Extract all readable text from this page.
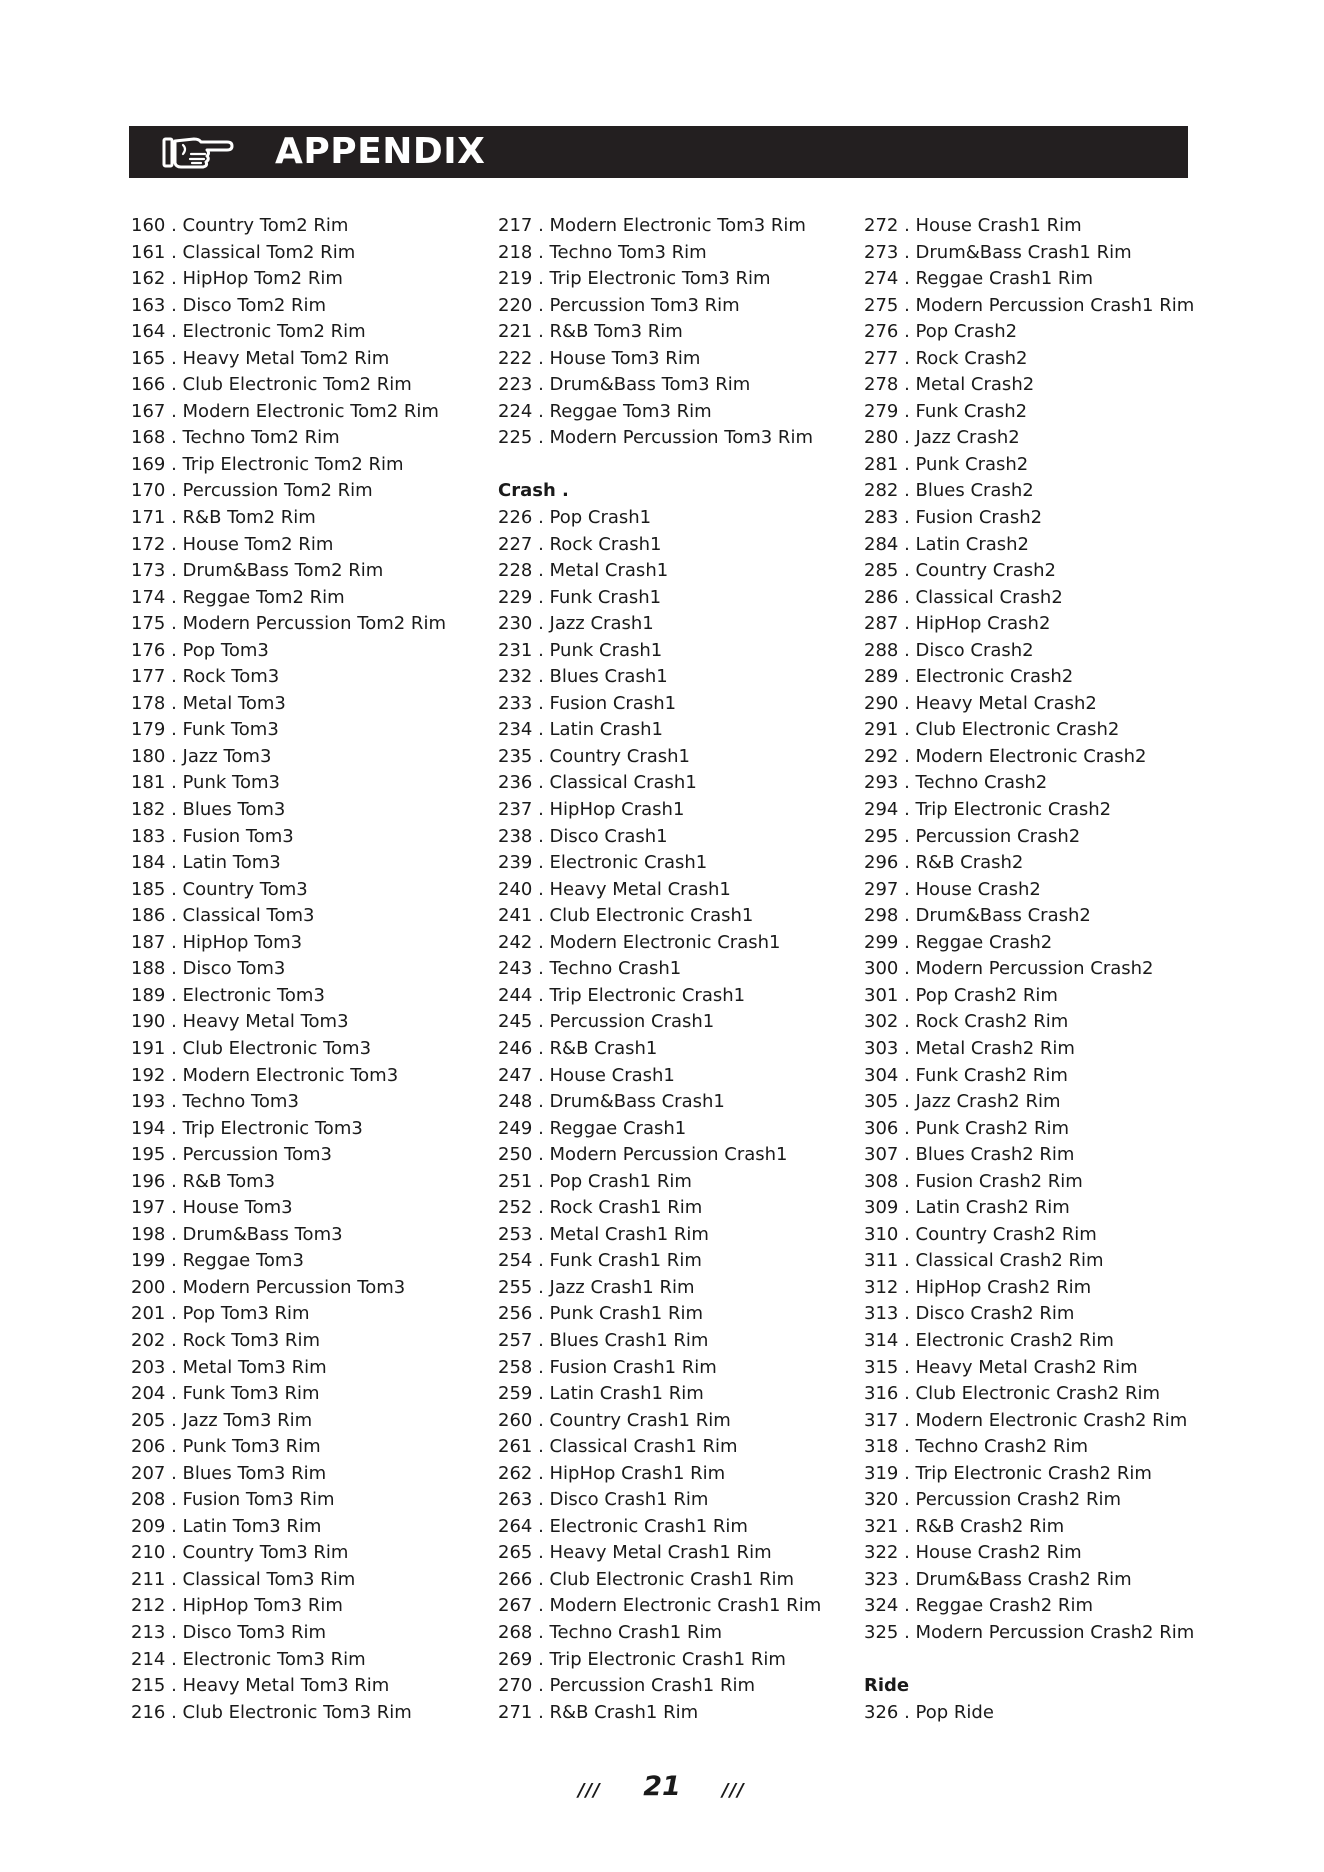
APPENDIX
160 . Country Tom2 Rim
161 . Classical Tom2 Rim
162 . HipHop Tom2 Rim
163 . Disco Tom2 Rim
164 . Electronic Tom2 Rim
165 . Heavy Metal Tom2 Rim
166 . Club Electronic Tom2 Rim
167 . Modern Electronic Tom2 Rim
168 . Techno Tom2 Rim
169 . Trip Electronic Tom2 Rim
170 . Percussion Tom2 Rim
171 . R&B Tom2 Rim
172 . House Tom2 Rim
173 . Drum&Bass Tom2 Rim
174 . Reggae Tom2 Rim
175 . Modern Percussion Tom2 Rim
176 . Pop Tom3
177 . Rock Tom3
178 . Metal Tom3
179 . Funk Tom3
180 . Jazz Tom3
181 . Punk Tom3
182 . Blues Tom3
183 . Fusion Tom3
184 . Latin Tom3
185 . Country Tom3
186 . Classical Tom3
187 . HipHop Tom3
188 . Disco Tom3
189 . Electronic Tom3
190 . Heavy Metal Tom3
191 . Club Electronic Tom3
192 . Modern Electronic Tom3
193 . Techno Tom3
194 . Trip Electronic Tom3
195 . Percussion Tom3
196 . R&B Tom3
197 . House Tom3
198 . Drum&Bass Tom3
199 . Reggae Tom3
200 . Modern Percussion Tom3
201 . Pop Tom3 Rim
202 . Rock Tom3 Rim
203 . Metal Tom3 Rim
204 . Funk Tom3 Rim
205 . Jazz Tom3 Rim
206 . Punk Tom3 Rim
207 . Blues Tom3 Rim
208 . Fusion Tom3 Rim
209 . Latin Tom3 Rim
210 . Country Tom3 Rim
211 . Classical Tom3 Rim
212 . HipHop Tom3 Rim
213 . Disco Tom3 Rim
214 . Electronic Tom3 Rim
215 . Heavy Metal Tom3 Rim
216 . Club Electronic Tom3 Rim
217 . Modern Electronic Tom3 Rim
218 . Techno Tom3 Rim
219 . Trip Electronic Tom3 Rim
220 . Percussion Tom3 Rim
221 . R&B Tom3 Rim
222 . House Tom3 Rim
223 . Drum&Bass Tom3 Rim
224 . Reggae Tom3 Rim
225 . Modern Percussion Tom3 Rim
Crash .
226 . Pop Crash1
227 . Rock Crash1
228 . Metal Crash1
229 . Funk Crash1
230 . Jazz Crash1
231 . Punk Crash1
232 . Blues Crash1
233 . Fusion Crash1
234 . Latin Crash1
235 . Country Crash1
236 . Classical Crash1
237 . HipHop Crash1
238 . Disco Crash1
239 . Electronic Crash1
240 . Heavy Metal Crash1
241 . Club Electronic Crash1
242 . Modern Electronic Crash1
243 . Techno Crash1
244 . Trip Electronic Crash1
245 . Percussion Crash1
246 . R&B Crash1
247 . House Crash1
248 . Drum&Bass Crash1
249 . Reggae Crash1
250 . Modern Percussion Crash1
251 . Pop Crash1 Rim
252 . Rock Crash1 Rim
253 . Metal Crash1 Rim
254 . Funk Crash1 Rim
255 . Jazz Crash1 Rim
256 . Punk Crash1 Rim
257 . Blues Crash1 Rim
258 . Fusion Crash1 Rim
259 . Latin Crash1 Rim
260 . Country Crash1 Rim
261 . Classical Crash1 Rim
262 . HipHop Crash1 Rim
263 . Disco Crash1 Rim
264 . Electronic Crash1 Rim
265 . Heavy Metal Crash1 Rim
266 . Club Electronic Crash1 Rim
267 . Modern Electronic Crash1 Rim
268 . Techno Crash1 Rim
269 . Trip Electronic Crash1 Rim
270 . Percussion Crash1 Rim
271 . R&B Crash1 Rim
272 . House Crash1 Rim
273 . Drum&Bass Crash1 Rim
274 . Reggae Crash1 Rim
275 . Modern Percussion Crash1 Rim
276 . Pop Crash2
277 . Rock Crash2
278 . Metal Crash2
279 . Funk Crash2
280 . Jazz Crash2
281 . Punk Crash2
282 . Blues Crash2
283 . Fusion Crash2
284 . Latin Crash2
285 . Country Crash2
286 . Classical Crash2
287 . HipHop Crash2
288 . Disco Crash2
289 . Electronic Crash2
290 . Heavy Metal Crash2
291 . Club Electronic Crash2
292 . Modern Electronic Crash2
293 . Techno Crash2
294 . Trip Electronic Crash2
295 . Percussion Crash2
296 . R&B Crash2
297 . House Crash2
298 . Drum&Bass Crash2
299 . Reggae Crash2
300 . Modern Percussion Crash2
301 . Pop Crash2 Rim
302 . Rock Crash2 Rim
303 . Metal Crash2 Rim
304 . Funk Crash2 Rim
305 . Jazz Crash2 Rim
306 . Punk Crash2 Rim
307 . Blues Crash2 Rim
308 . Fusion Crash2 Rim
309 . Latin Crash2 Rim
310 . Country Crash2 Rim
311 . Classical Crash2 Rim
312 . HipHop Crash2 Rim
313 . Disco Crash2 Rim
314 . Electronic Crash2 Rim
315 . Heavy Metal Crash2 Rim
316 . Club Electronic Crash2 Rim
317 . Modern Electronic Crash2 Rim
318 . Techno Crash2 Rim
319 . Trip Electronic Crash2 Rim
320 . Percussion Crash2 Rim
321 . R&B Crash2 Rim
322 . House Crash2 Rim
323 . Drum&Bass Crash2 Rim
324 . Reggae Crash2 Rim
325 . Modern Percussion Crash2 Rim
Ride
326 . Pop Ride
///	21	///
